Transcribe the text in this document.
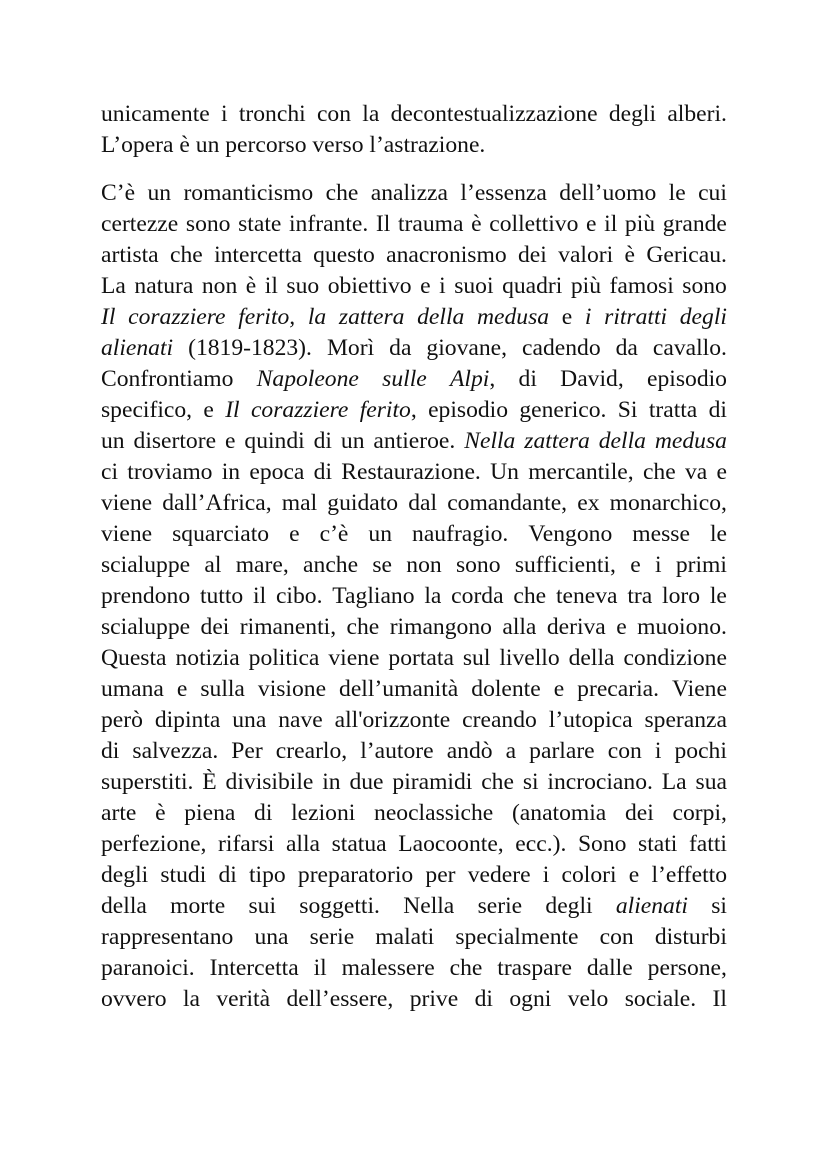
unicamente i tronchi con la decontestualizzazione degli alberi.
L’opera è un percorso verso l’astrazione.
C’è un romanticismo che analizza l’essenza dell’uomo le cui
certezze sono state infrante. Il trauma è collettivo e il più grande
artista che intercetta questo anacronismo dei valori è Gericau.
La natura non è il suo obiettivo e i suoi quadri più famosi sono
Il corazziere ferito, la zattera della medusa e i ritratti degli
alienati (1819-1823). Morì da giovane, cadendo da cavallo.
Confrontiamo Napoleone sulle Alpi, di David, episodio
specifico, e Il corazziere ferito, episodio generico. Si tratta di
un disertore e quindi di un antieroe. Nella zattera della medusa
ci troviamo in epoca di Restaurazione. Un mercantile, che va e
viene dall’Africa, mal guidato dal comandante, ex monarchico,
viene squarciato e c’è un naufragio. Vengono messe le
scialuppe al mare, anche se non sono sufficienti, e i primi
prendono tutto il cibo. Tagliano la corda che teneva tra loro le
scialuppe dei rimanenti, che rimangono alla deriva e muoiono.
Questa notizia politica viene portata sul livello della condizione
umana e sulla visione dell’umanità dolente e precaria. Viene
però dipinta una nave all'orizzonte creando l’utopica speranza
di salvezza. Per crearlo, l’autore andò a parlare con i pochi
superstiti. È divisibile in due piramidi che si incrociano. La sua
arte è piena di lezioni neoclassiche (anatomia dei corpi,
perfezione, rifarsi alla statua Laocoonte, ecc.). Sono stati fatti
degli studi di tipo preparatorio per vedere i colori e l’effetto
della morte sui soggetti. Nella serie degli alienati si
rappresentano una serie malati specialmente con disturbi
paranoici. Intercetta il malessere che traspare dalle persone,
ovvero la verità dell’essere, prive di ogni velo sociale. Il
